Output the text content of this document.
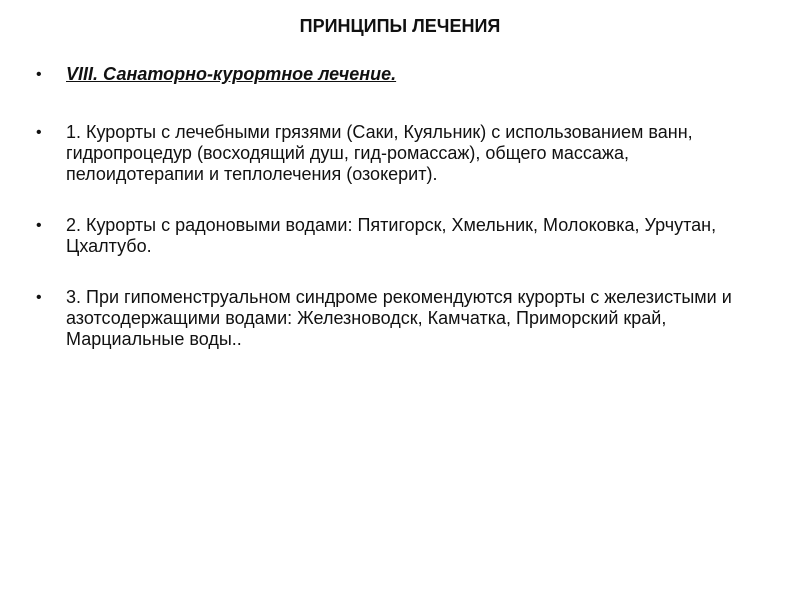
ПРИНЦИПЫ ЛЕЧЕНИЯ
• VIII. Санаторно-курортное лечение.
• 1. Курорты с лечебными грязями (Саки, Куяльник) с использованием ванн, гидропроцедур (восходящий душ, гид-ромассаж), общего массажа, пелоидотерапии и теплолечения (озокерит).
• 2. Курорты с радоновыми водами: Пятигорск, Хмельник, Молоковка, Урчутан, Цхалтубо.
• 3. При гипоменструальном синдроме рекомендуются курорты с железистыми и азотсодержащими водами: Железноводск, Камчатка, Приморский край, Марциальные воды..
